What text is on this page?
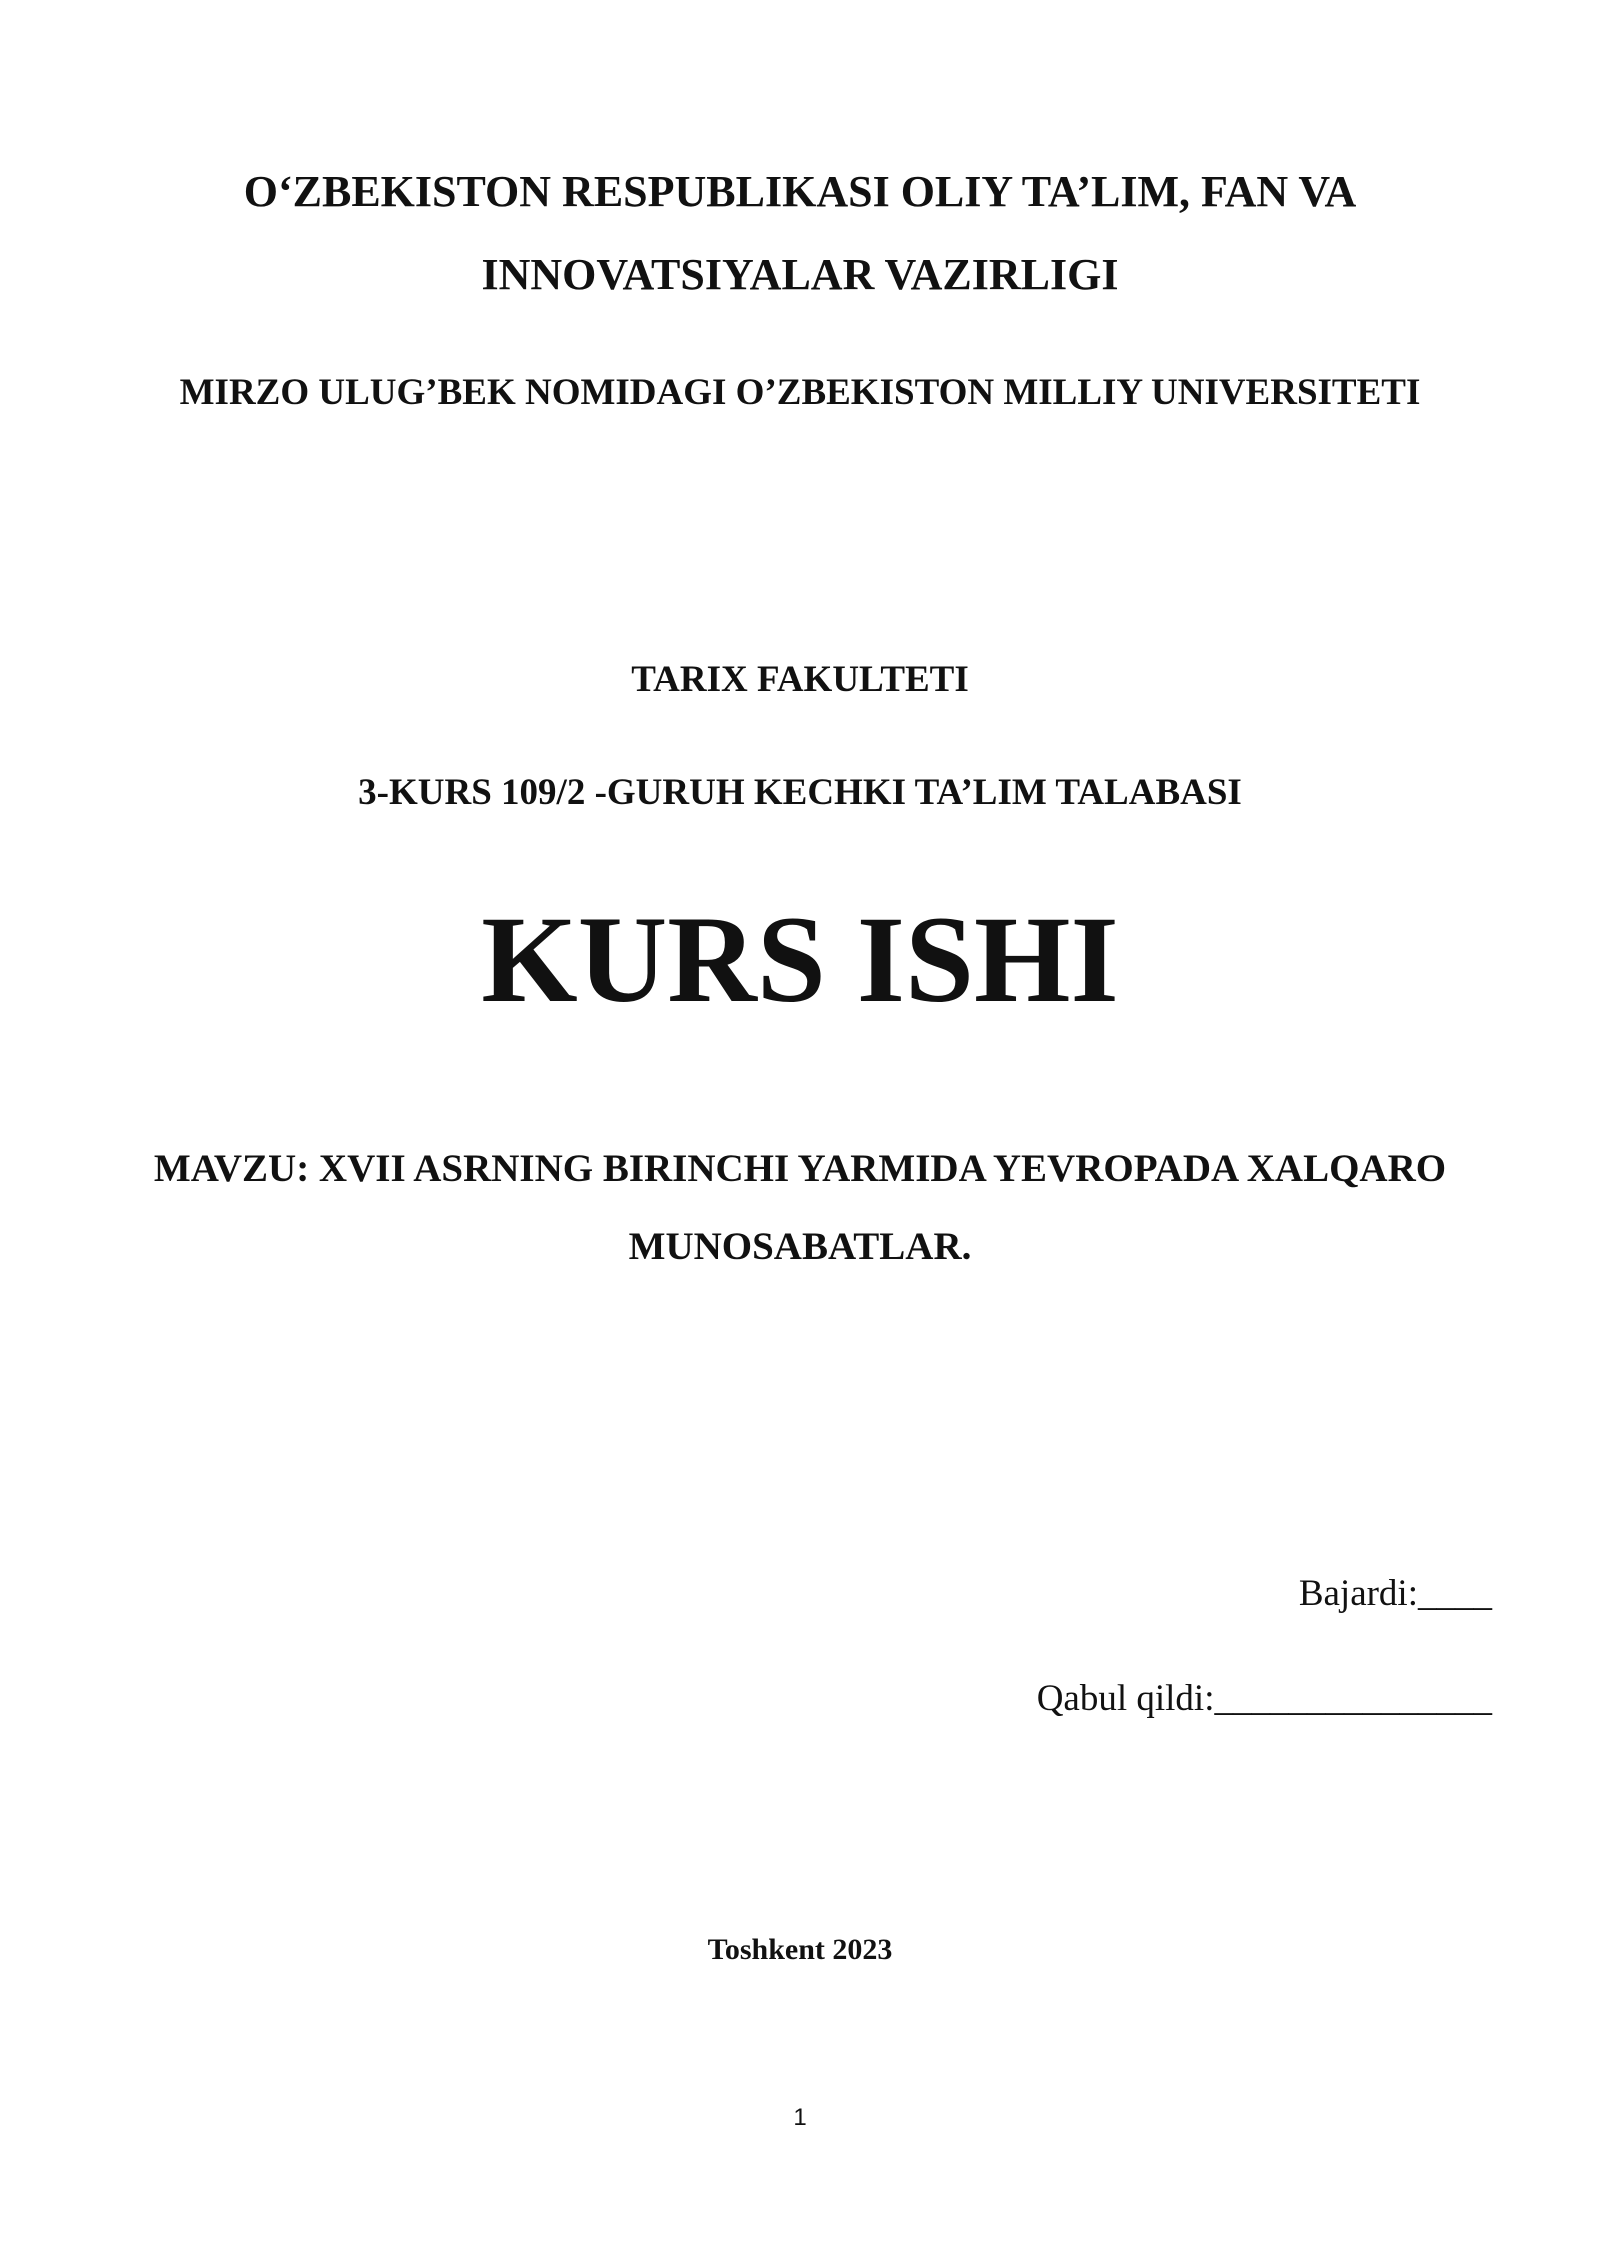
O‘ZBEKISTON RESPUBLIKASI OLIY TA’LIM, FAN VA INNOVATSIYALAR VAZIRLIGI

MIRZO ULUG’BEK NOMIDAGI O’ZBEKISTON MILLIY UNIVERSITETI

TARIX FAKULTETI

3-KURS 109/2 -GURUH KECHKI TA’LIM TALABASI

KURS ISHI

MAVZU: XVII ASRNING BIRINCHI YARMIDA YEVROPADA XALQARO MUNOSABATLAR.

Bajardi:____

Qabul qildi:_______________

Toshkent 2023

1
